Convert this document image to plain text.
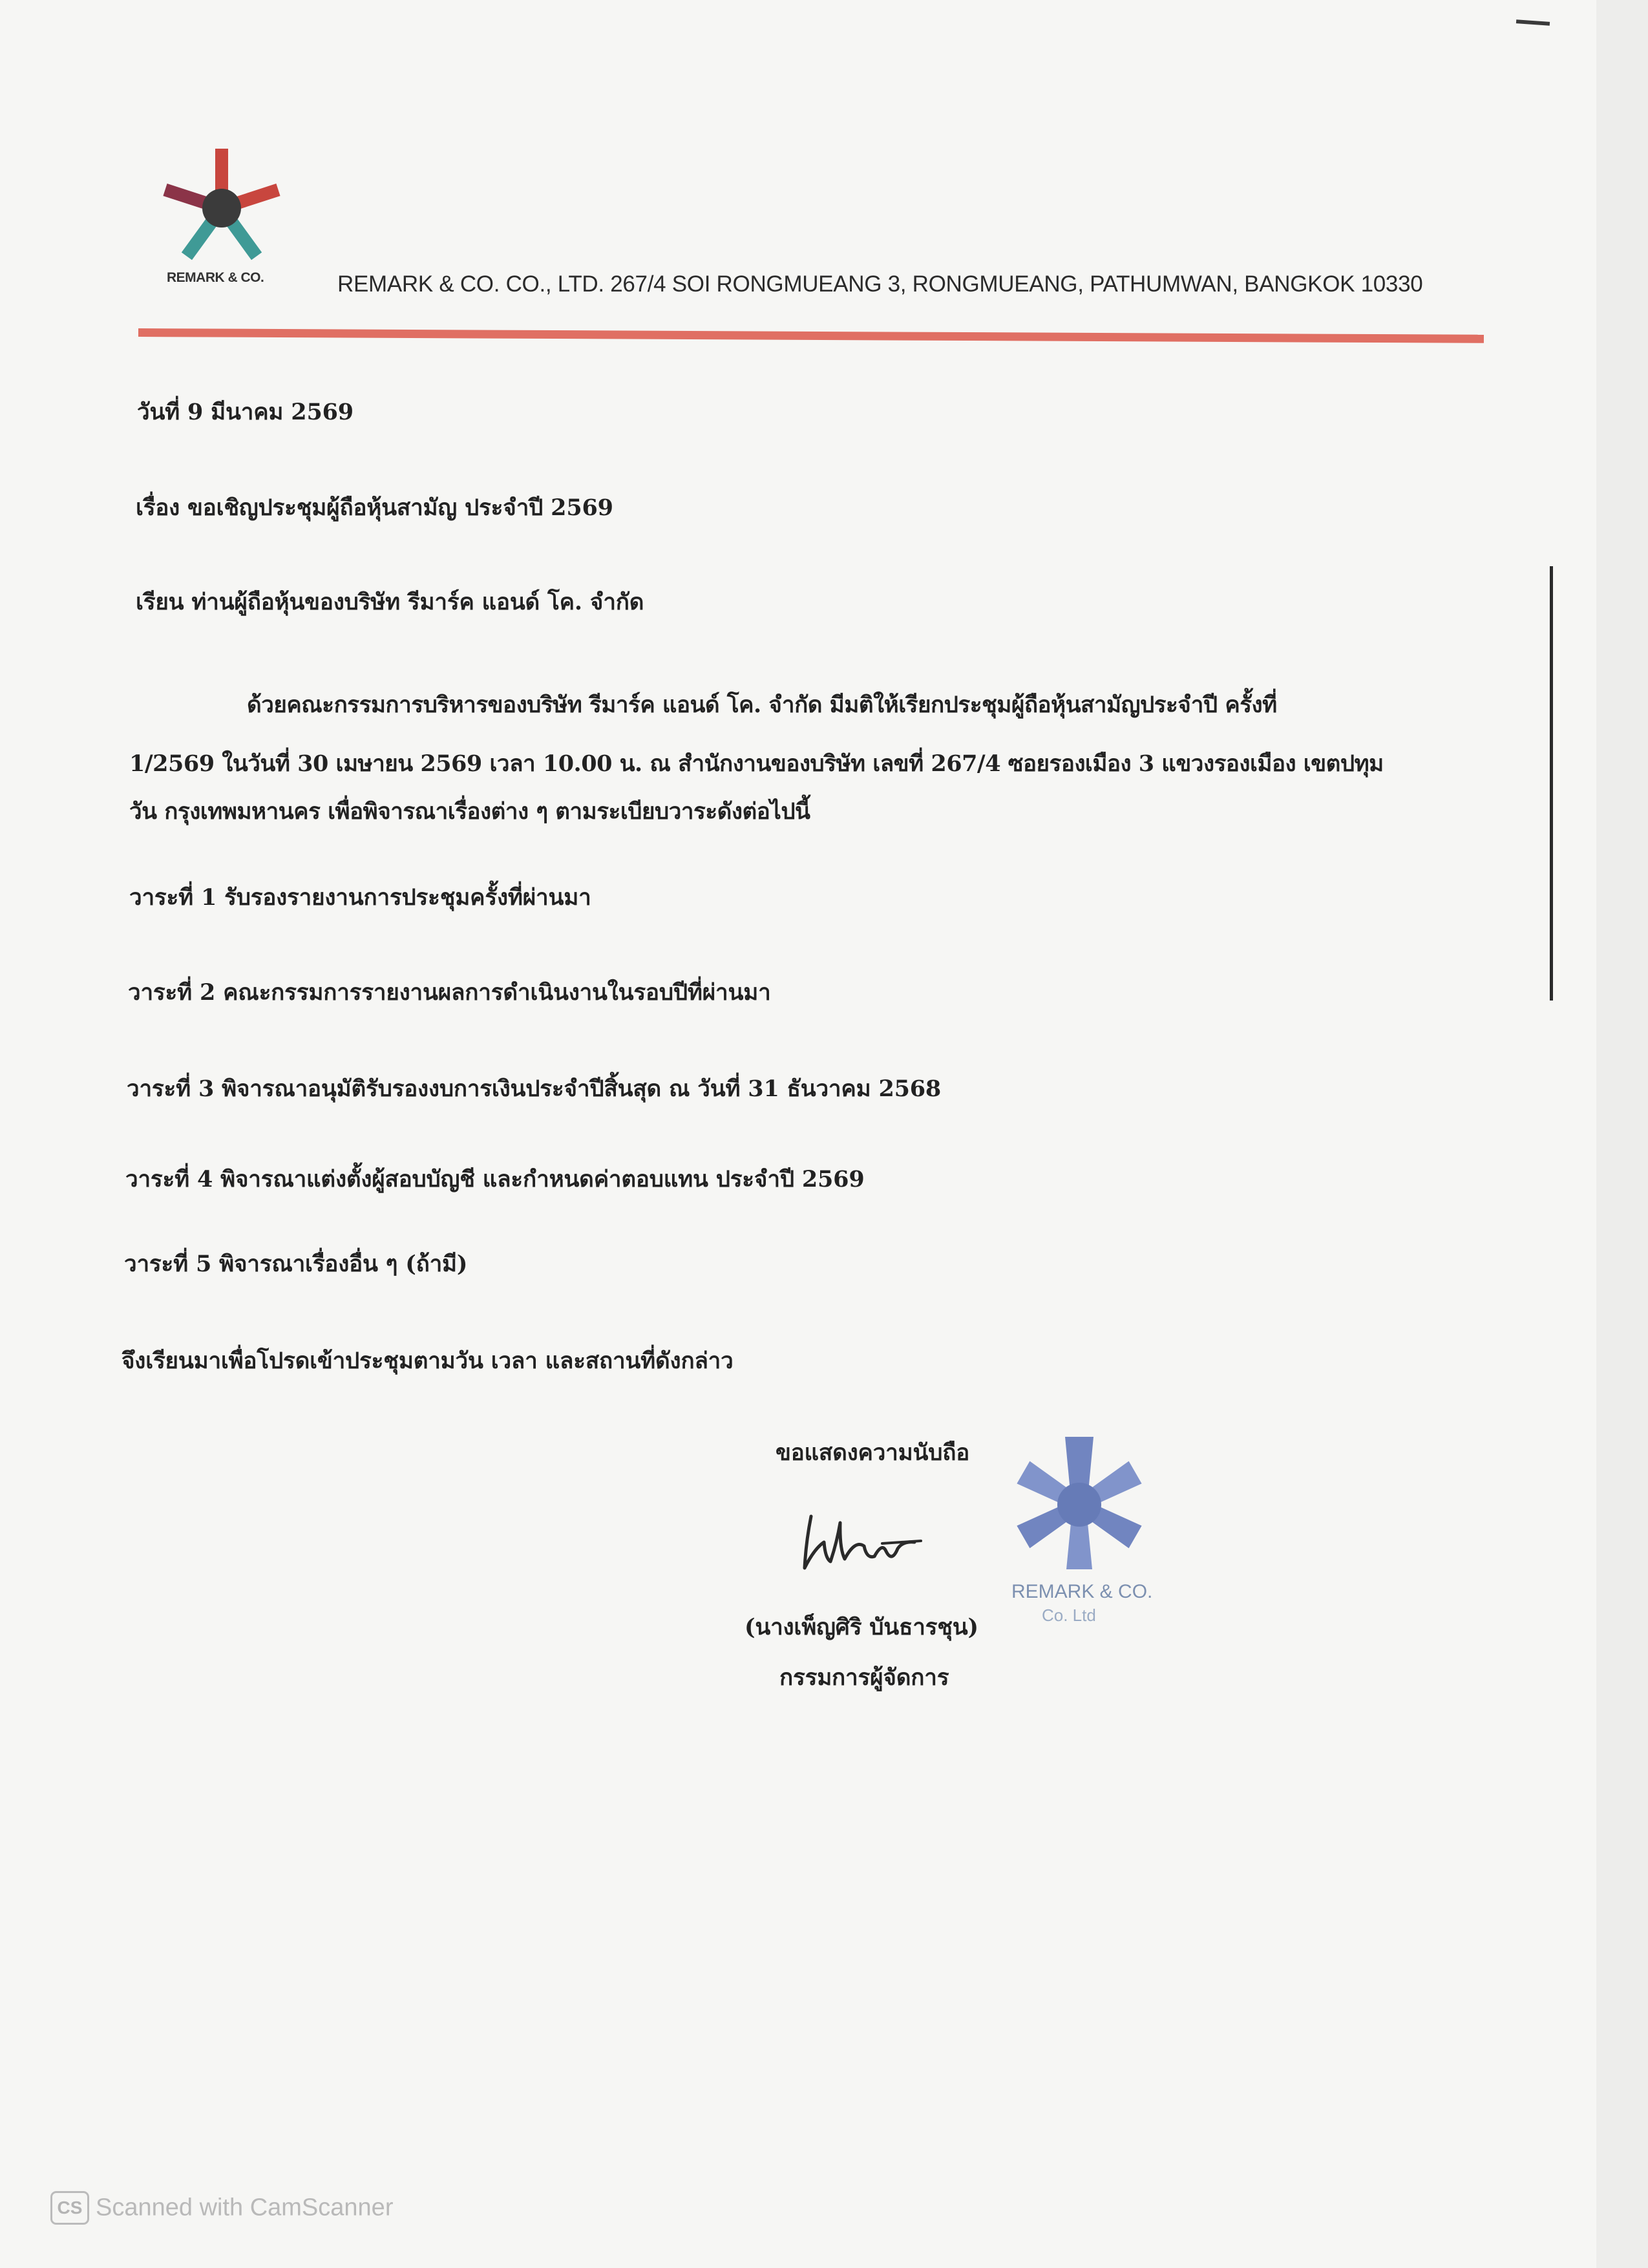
REMARK & CO.	REMARK & CO. CO., LTD. 267/4 SOI RONGMUEANG 3, RONGMUEANG, PATHUMWAN, BANGKOK 10330
วันที่ 9 มีนาคม 2569
เรื่อง ขอเชิญประชุมผู้ถือหุ้นสามัญ ประจำปี 2569
เรียน ท่านผู้ถือหุ้นของบริษัท รีมาร์ค แอนด์ โค. จำกัด
ด้วยคณะกรรมการบริหารของบริษัท รีมาร์ค แอนด์ โค. จำกัด มีมติให้เรียกประชุมผู้ถือหุ้นสามัญประจำปี ครั้งที่
1/2569 ในวันที่ 30 เมษายน 2569 เวลา 10.00 น. ณ สำนักงานของบริษัท เลขที่ 267/4 ซอยรองเมือง 3 แขวงรองเมือง เขตปทุม
วัน กรุงเทพมหานคร เพื่อพิจารณาเรื่องต่าง ๆ ตามระเบียบวาระดังต่อไปนี้
วาระที่ 1 รับรองรายงานการประชุมครั้งที่ผ่านมา
วาระที่ 2 คณะกรรมการรายงานผลการดำเนินงานในรอบปีที่ผ่านมา
วาระที่ 3 พิจารณาอนุมัติรับรองงบการเงินประจำปีสิ้นสุด ณ วันที่ 31 ธันวาคม 2568
วาระที่ 4 พิจารณาแต่งตั้งผู้สอบบัญชี และกำหนดค่าตอบแทน ประจำปี 2569
วาระที่ 5 พิจารณาเรื่องอื่น ๆ (ถ้ามี)
จึงเรียนมาเพื่อโปรดเข้าประชุมตามวัน เวลา และสถานที่ดังกล่าว
ขอแสดงความนับถือ
(นางเพ็ญศิริ บันธารชุน)
กรรมการผู้จัดการ
REMARK & CO.
Co. Ltd
CS Scanned with CamScanner
